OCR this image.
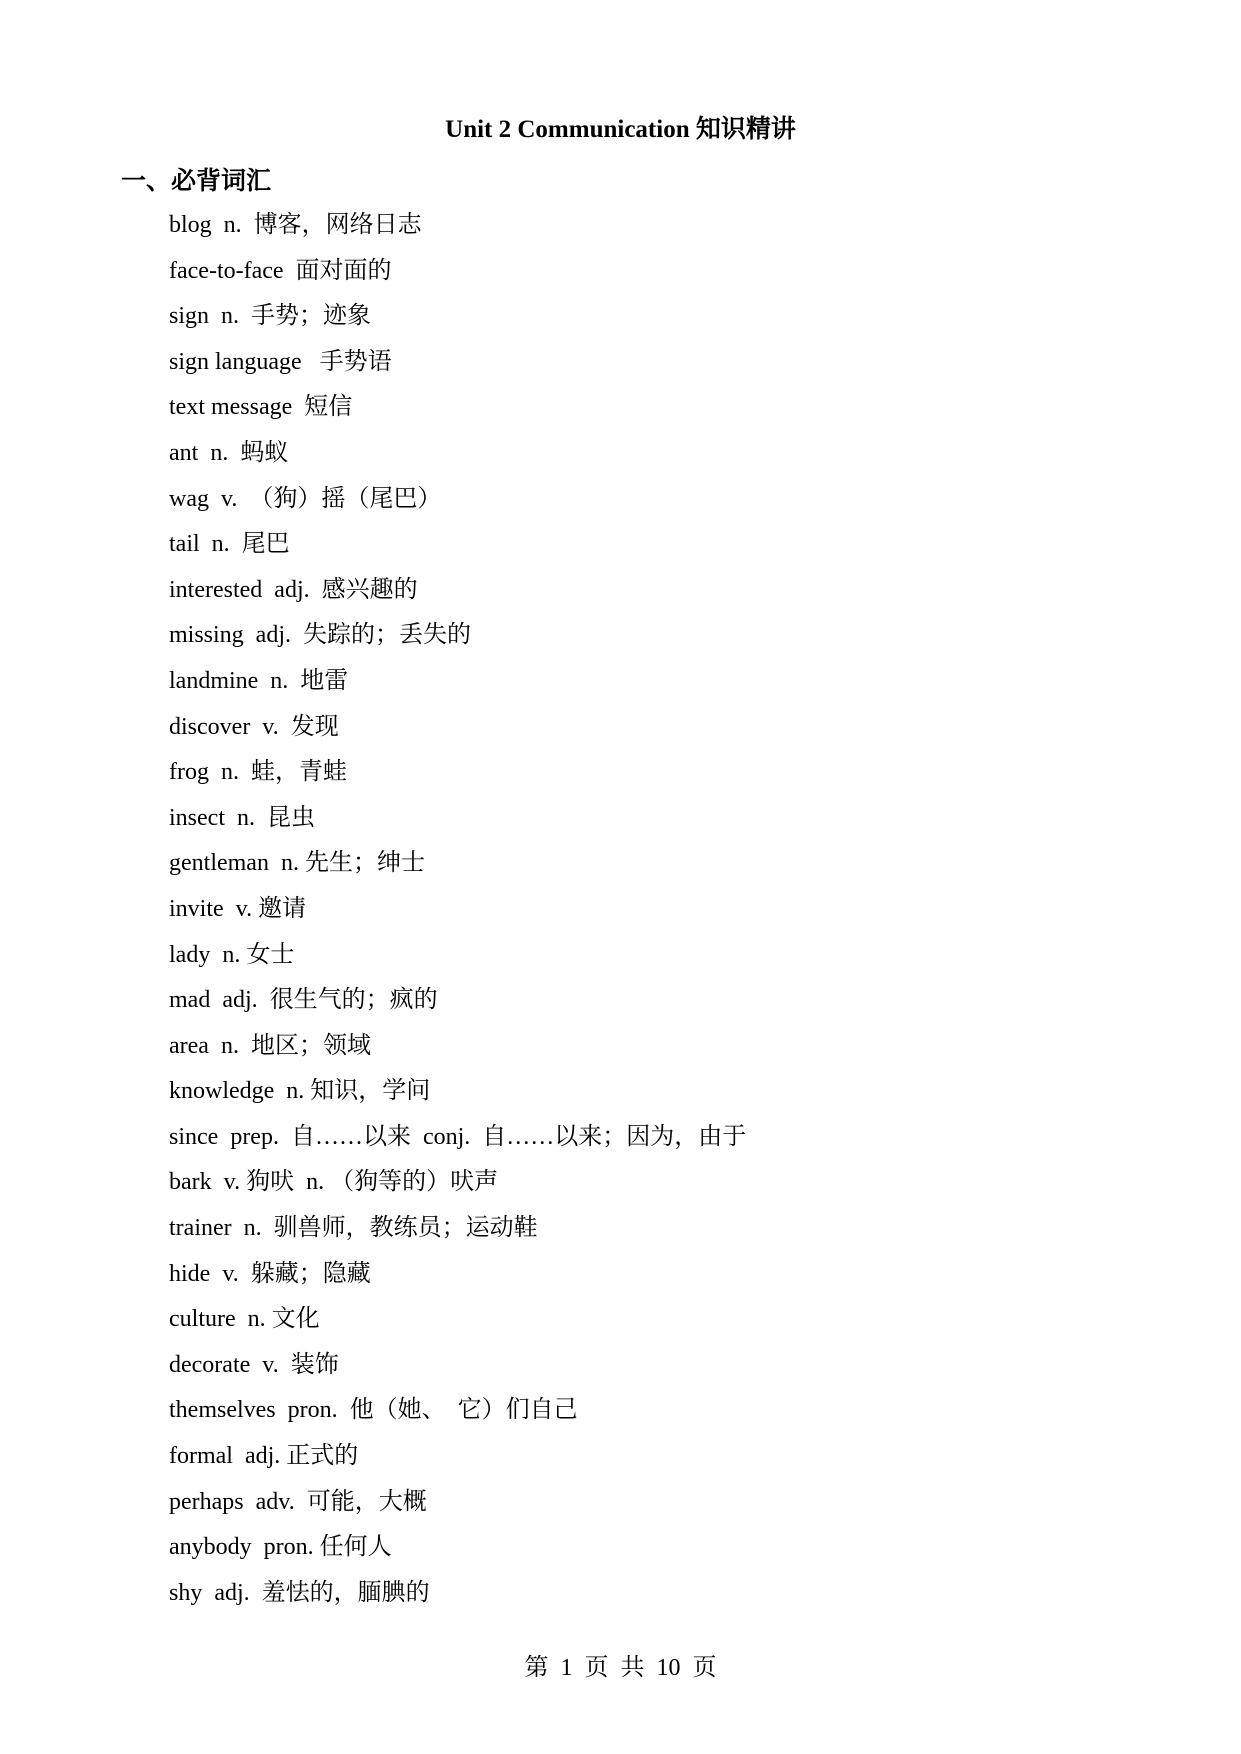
Unit 2 Communication 知识精讲
一、必背词汇
blog  n.  博客，网络日志
face-to-face  面对面的
sign  n.  手势；迹象
sign language   手势语
text message  短信
ant  n.  蚂蚁
wag  v.  （狗）摇（尾巴）
tail  n.  尾巴
interested  adj.  感兴趣的
missing  adj.  失踪的；丢失的
landmine  n.  地雷
discover  v.  发现
frog  n.  蛙，青蛙
insect  n.  昆虫
gentleman  n. 先生；绅士
invite  v. 邀请
lady  n. 女士
mad  adj.  很生气的；疯的
area  n.  地区；领域
knowledge  n. 知识，学问
since  prep.  自……以来  conj.  自……以来；因为，由于
bark  v. 狗吠  n. （狗等的）吠声
trainer  n.  驯兽师，教练员；运动鞋
hide  v.  躲藏；隐藏
culture  n. 文化
decorate  v.  装饰
themselves  pron.  他（她、  它）们自己
formal  adj. 正式的
perhaps  adv.  可能，大概
anybody  pron. 任何人
shy  adj.  羞怯的，腼腆的
第  1  页  共  10  页
